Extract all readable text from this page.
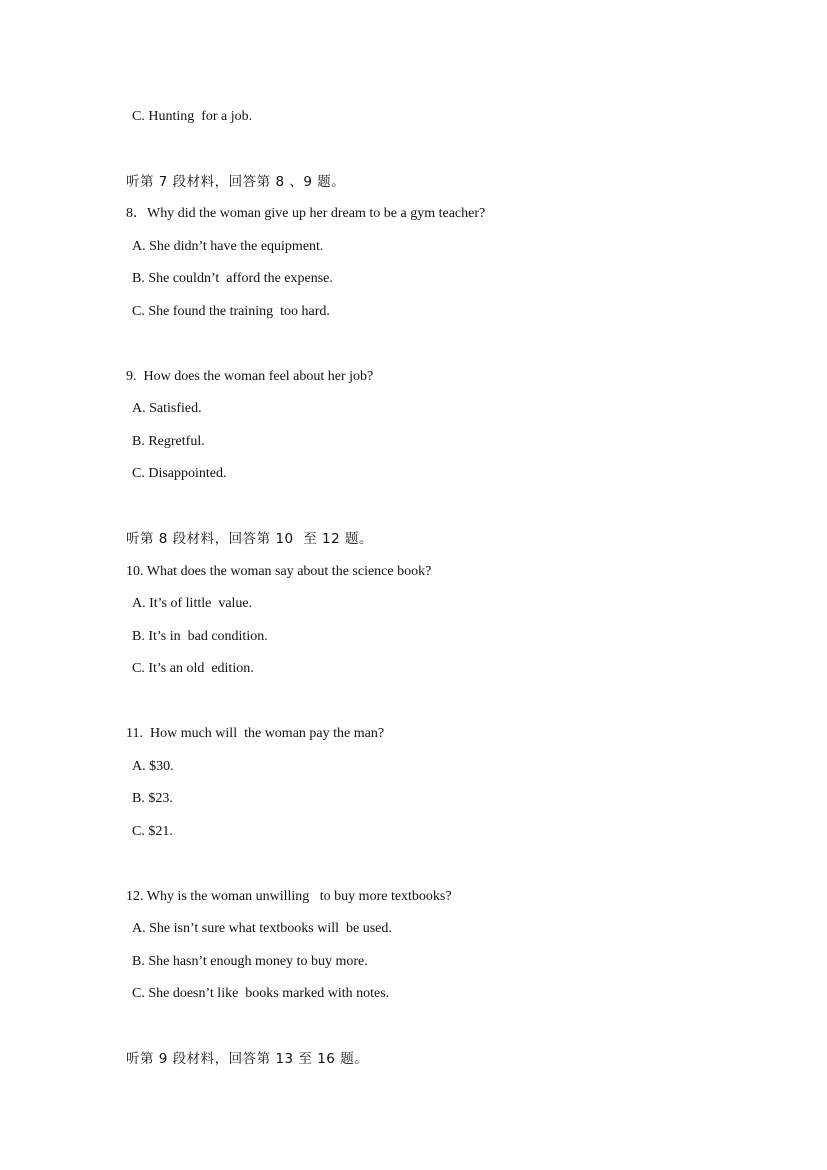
C. Hunting  for a job.
听第 7 段材料，回答第 8 、9 题。
8．Why did the woman give up her dream to be a gym teacher?
A. She didn’t have the equipment.
B. She couldn’t  afford the expense.
C. She found the training  too hard.
9.  How does the woman feel about her job?
A. Satisfied.
B. Regretful.
C. Disappointed.
听第 8 段材料，回答第 10  至 12 题。
10. What does the woman say about the science book?
A. It’s of little  value.
B. It’s in  bad condition.
C. It’s an old  edition.
11.  How much will  the woman pay the man?
A. $30.
B. $23.
C. $21.
12. Why is the woman unwilling   to buy more textbooks?
A. She isn’t sure what textbooks will  be used.
B. She hasn’t enough money to buy more.
C. She doesn’t like  books marked with notes.
听第 9 段材料，回答第 13 至 16 题。
